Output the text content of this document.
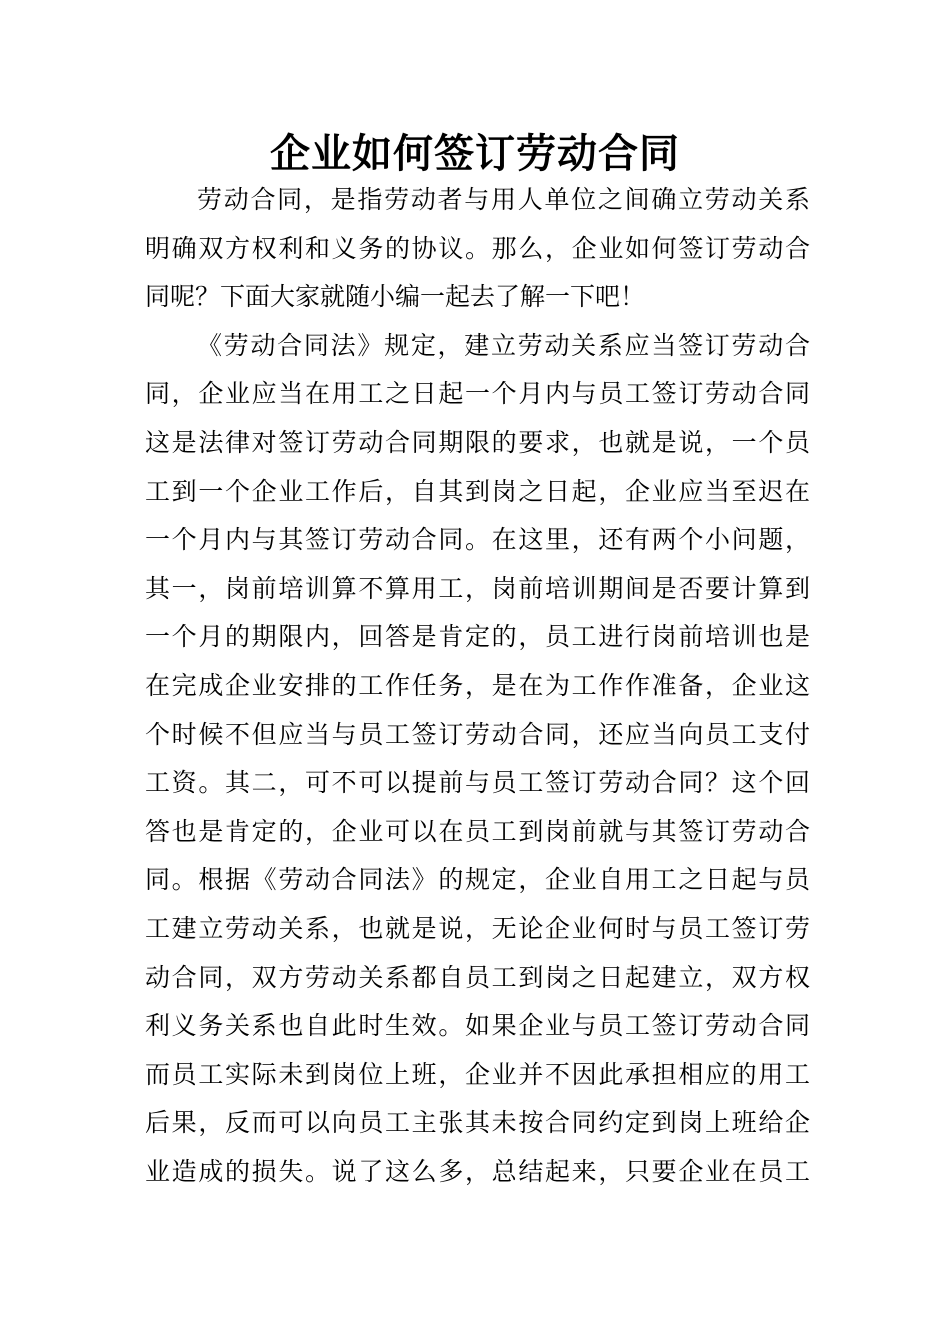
企业如何签订劳动合同
劳动合同，是指劳动者与用人单位之间确立劳动关系
明确双方权利和义务的协议。那么，企业如何签订劳动合
同呢？下面大家就随小编一起去了解一下吧！
《劳动合同法》规定，建立劳动关系应当签订劳动合
同，企业应当在用工之日起一个月内与员工签订劳动合同
这是法律对签订劳动合同期限的要求，也就是说，一个员
工到一个企业工作后，自其到岗之日起，企业应当至迟在
一个月内与其签订劳动合同。在这里，还有两个小问题，
其一，岗前培训算不算用工，岗前培训期间是否要计算到
一个月的期限内，回答是肯定的，员工进行岗前培训也是
在完成企业安排的工作任务，是在为工作作准备，企业这
个时候不但应当与员工签订劳动合同，还应当向员工支付
工资。其二，可不可以提前与员工签订劳动合同？这个回
答也是肯定的，企业可以在员工到岗前就与其签订劳动合
同。根据《劳动合同法》的规定，企业自用工之日起与员
工建立劳动关系，也就是说，无论企业何时与员工签订劳
动合同，双方劳动关系都自员工到岗之日起建立，双方权
利义务关系也自此时生效。如果企业与员工签订劳动合同
而员工实际未到岗位上班，企业并不因此承担相应的用工
后果，反而可以向员工主张其未按合同约定到岗上班给企
业造成的损失。说了这么多，总结起来，只要企业在员工
